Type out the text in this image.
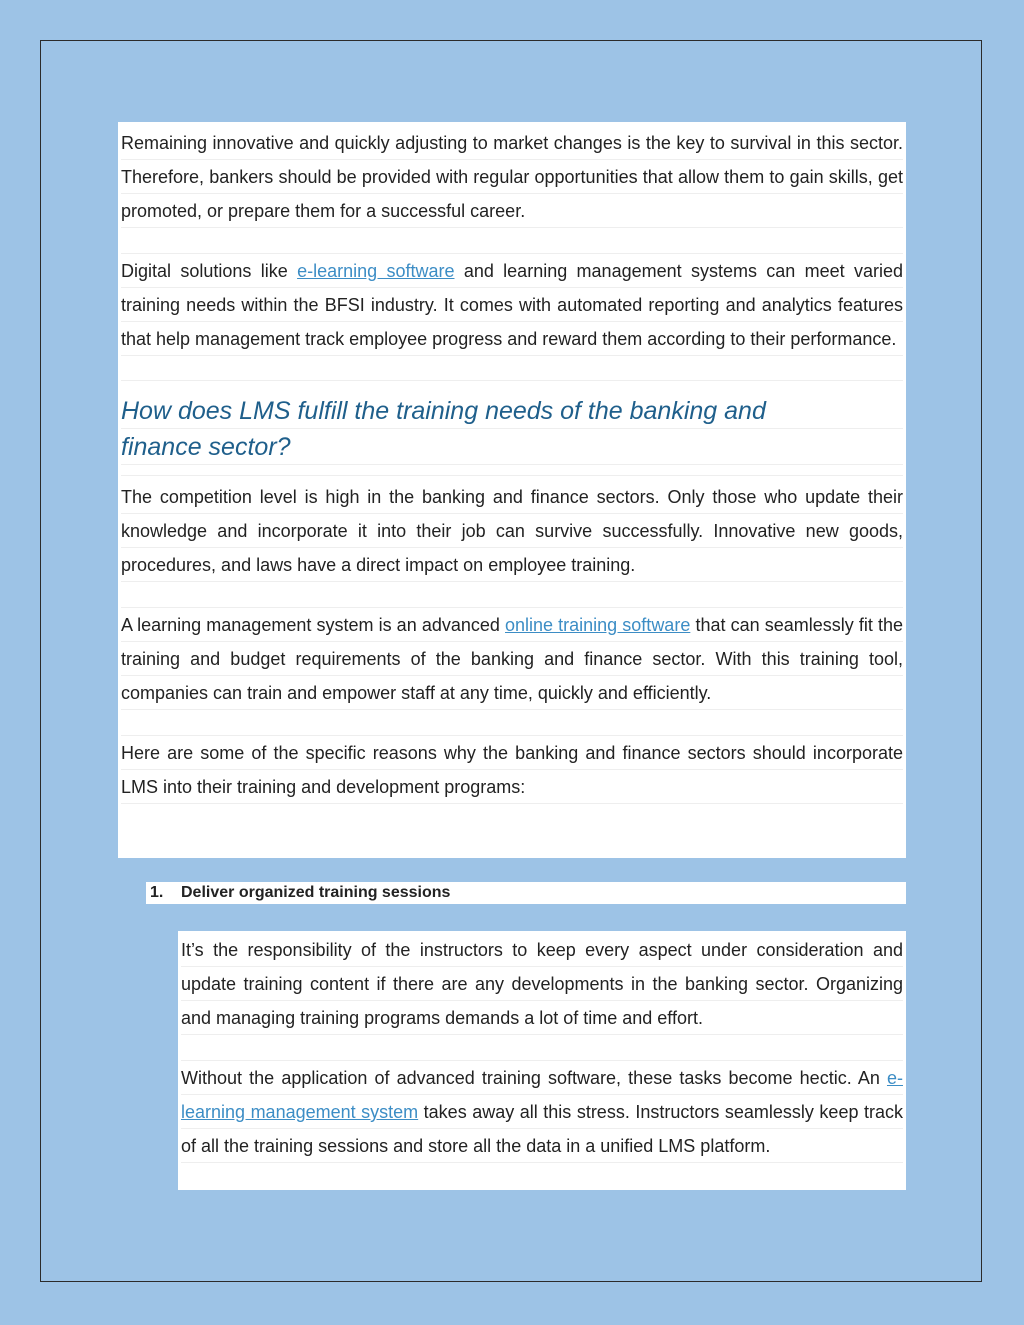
Remaining innovative and quickly adjusting to market changes is the key to survival in this sector. Therefore, bankers should be provided with regular opportunities that allow them to gain skills, get promoted, or prepare them for a successful career.

Digital solutions like e-learning software and learning management systems can meet varied training needs within the BFSI industry. It comes with automated reporting and analytics features that help management track employee progress and reward them according to their performance.

How does LMS fulfill the training needs of the banking and finance sector?

The competition level is high in the banking and finance sectors. Only those who update their knowledge and incorporate it into their job can survive successfully. Innovative new goods, procedures, and laws have a direct impact on employee training.

A learning management system is an advanced online training software that can seamlessly fit the training and budget requirements of the banking and finance sector. With this training tool, companies can train and empower staff at any time, quickly and efficiently.

Here are some of the specific reasons why the banking and finance sectors should incorporate LMS into their training and development programs:

1. Deliver organized training sessions

It’s the responsibility of the instructors to keep every aspect under consideration and update training content if there are any developments in the banking sector. Organizing and managing training programs demands a lot of time and effort.

Without the application of advanced training software, these tasks become hectic. An e-learning management system takes away all this stress. Instructors seamlessly keep track of all the training sessions and store all the data in a unified LMS platform.
